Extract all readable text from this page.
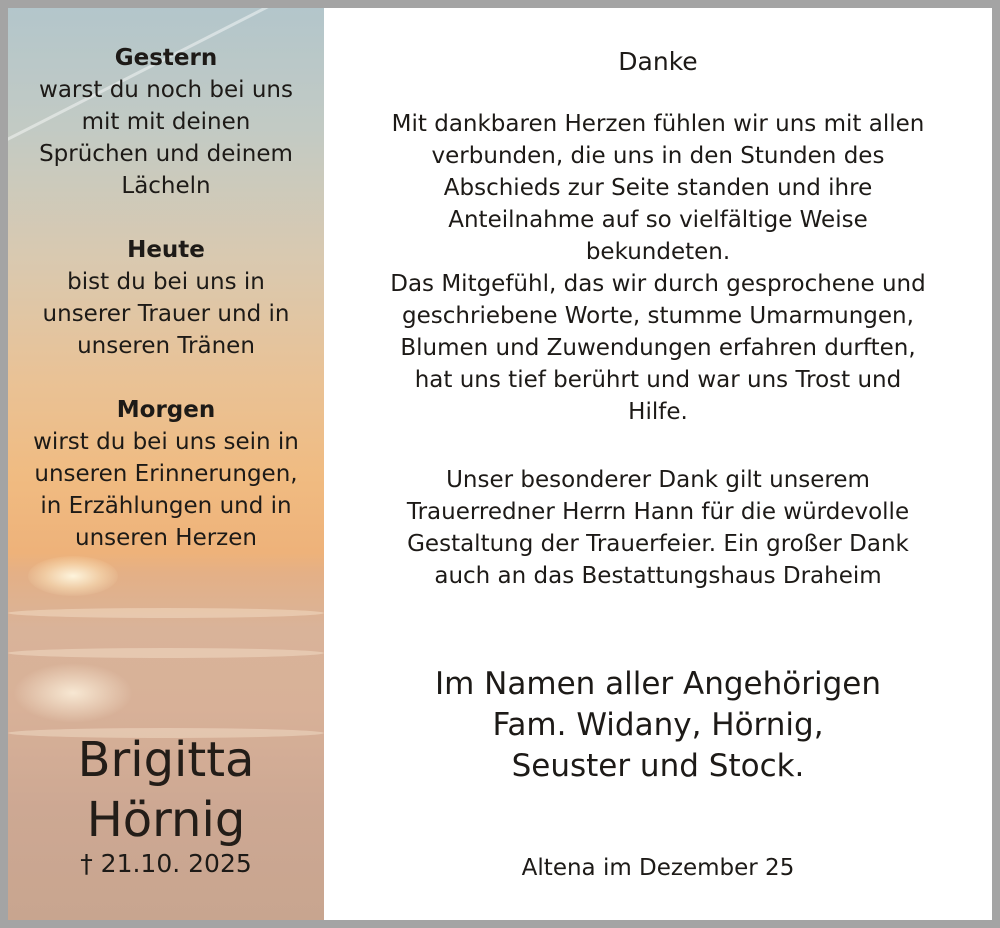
Gestern
warst du noch bei uns
mit mit deinen
Sprüchen und deinem
Lächeln
Heute
bist du bei uns in
unserer Trauer und in
unseren Tränen
Morgen
wirst du bei uns sein in
unseren Erinnerungen,
in Erzählungen und in
unseren Herzen
Brigitta
Hörnig
† 21.10. 2025
Danke
Mit dankbaren Herzen fühlen wir uns mit allen
verbunden, die uns in den Stunden des
Abschieds zur Seite standen und ihre
Anteilnahme auf so vielfältige Weise
bekundeten.
Das Mitgefühl, das wir durch gesprochene und
geschriebene Worte, stumme Umarmungen,
Blumen und Zuwendungen erfahren durften,
hat uns tief berührt und war uns Trost und
Hilfe.
Unser besonderer Dank gilt unserem
Trauerredner Herrn Hann für die würdevolle
Gestaltung der Trauerfeier. Ein großer Dank
auch an das Bestattungshaus Draheim
Im Namen aller Angehörigen
Fam. Widany, Hörnig,
Seuster und Stock.
Altena im Dezember 25
